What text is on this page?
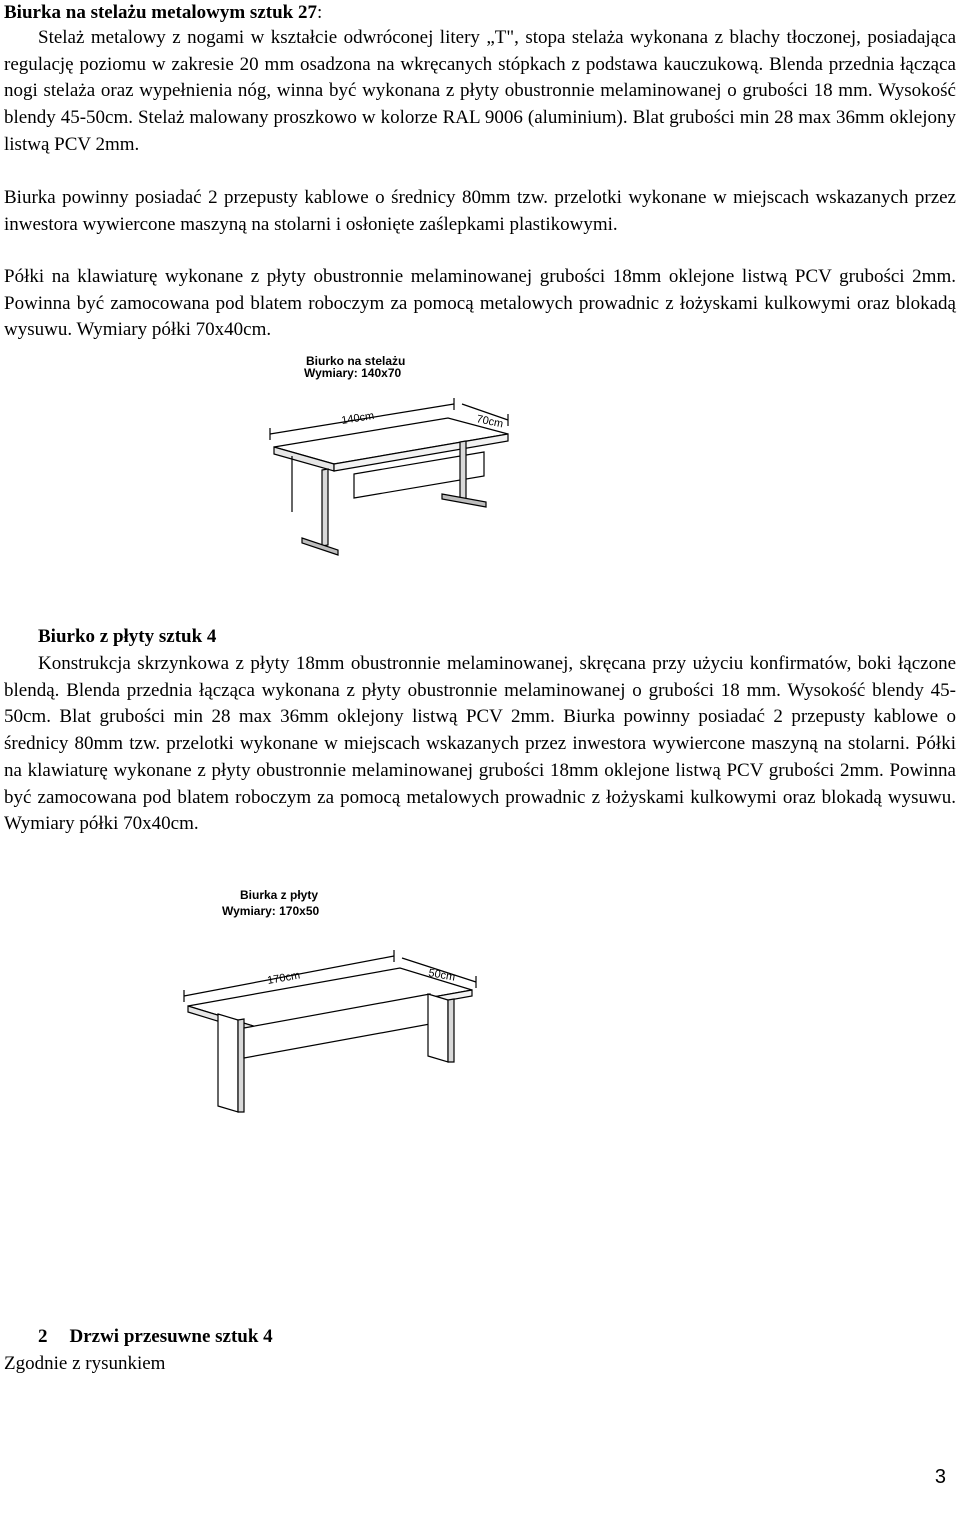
Biurka na stelażu metalowym sztuk 27:

Stelaż metalowy z nogami w kształcie odwróconej litery „T", stopa stelaża wykonana z blachy tłoczonej, posiadająca regulację poziomu w zakresie 20 mm osadzona na wkręcanych stópkach z podstawa kauczukową. Blenda przednia łącząca nogi stelaża oraz wypełnienia nóg, winna być wykonana z płyty obustronnie melaminowanej o grubości 18 mm. Wysokość blendy 45-50cm. Stelaż malowany proszkowo w kolorze RAL 9006 (aluminium). Blat grubości min 28 max 36mm oklejony listwą PCV 2mm.

Biurka powinny posiadać 2 przepusty kablowe o średnicy 80mm tzw. przelotki wykonane w miejscach wskazanych przez inwestora wywiercone maszyną na stolarni i osłonięte zaślepkami plastikowymi.

Półki na klawiaturę wykonane z płyty obustronnie melaminowanej grubości 18mm oklejone listwą PCV grubości 2mm. Powinna być zamocowana pod blatem roboczym za pomocą metalowych prowadnic z łożyskami kulkowymi oraz blokadą wysuwu. Wymiary półki 70x40cm.

Biurko na stelażu
Wymiary: 140x70
140cm	70cm

Biurko z płyty sztuk 4

Konstrukcja skrzynkowa z płyty 18mm obustronnie melaminowanej, skręcana przy użyciu konfirmatów, boki łączone blendą. Blenda przednia łącząca wykonana z płyty obustronnie melaminowanej o grubości 18 mm. Wysokość blendy 45-50cm. Blat grubości min 28 max 36mm oklejony listwą PCV 2mm. Biurka powinny posiadać 2 przepusty kablowe o średnicy 80mm tzw. przelotki wykonane w miejscach wskazanych przez inwestora wywiercone maszyną na stolarni. Półki na klawiaturę wykonane z płyty obustronnie melaminowanej grubości 18mm oklejone listwą PCV grubości 2mm. Powinna być zamocowana pod blatem roboczym za pomocą metalowych prowadnic z łożyskami kulkowymi oraz blokadą wysuwu. Wymiary półki 70x40cm.

Biurka z płyty
Wymiary: 170x50
170cm	50cm

2 Drzwi przesuwne sztuk 4

Zgodnie z rysunkiem

3
